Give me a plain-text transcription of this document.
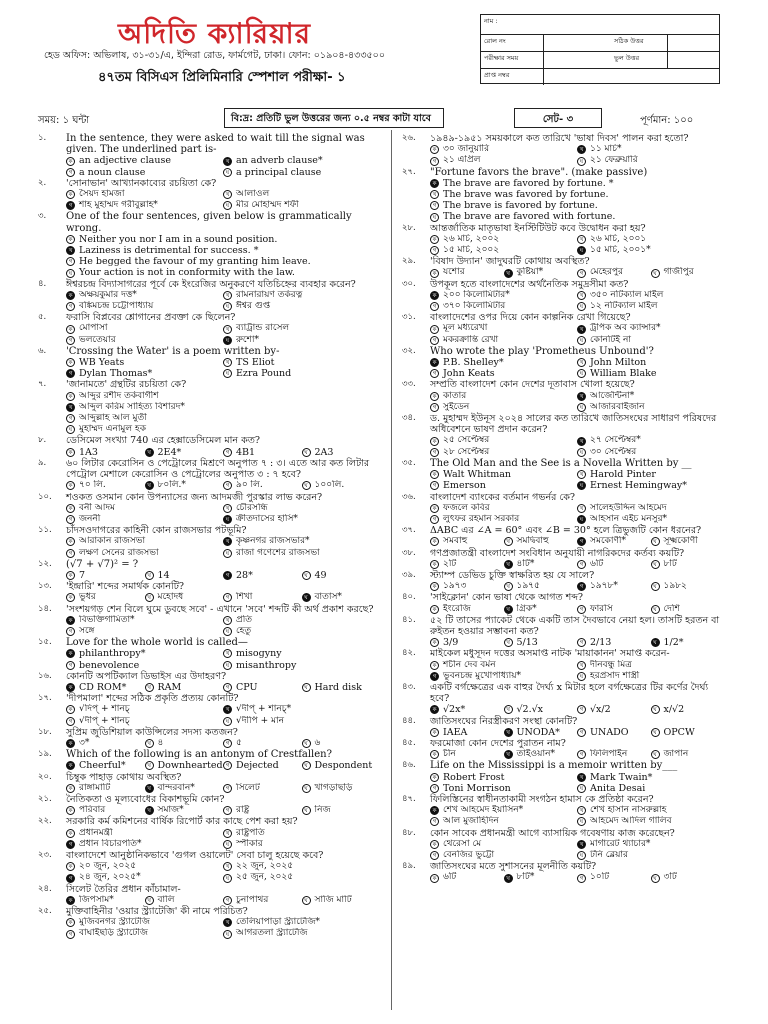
অদিতি ক্যারিয়ার
হেড অফিস: অভিলাষ, ৩১-৩১/এ, ইন্দিরা রোড, ফার্মগেট, ঢাকা। ফোন: ০১৯০৪-৪৩৩৫০০
৪৭তম বিসিএস প্রিলিমিনারি স্পেশাল পরীক্ষা- ১
নাম :
রোল নং	সঠিক উত্তর
পরীক্ষার সময়	ভুল উত্তর
প্রাপ্ত নম্বর
সময়: ১ ঘন্টা	বি:দ্র: প্রতিটি ভুল উত্তরের জন্য ০.৫ নম্বর কাটা যাবে	সেট- ৩	পূর্ণমান: ১০০
১.	In the sentence, they were asked to wait till the signal was given. The underlined part is-
ক an adjective clause	খ an adverb clause*
গ a noun clause	ঘ a principal clause
২.	'সোনাভান' আখ্যানকাব্যের রচয়িতা কে?
ক সৈয়দ হামজা	খ আলাওল
গ শাহ মুহাম্মদ গরীবুল্লাহ*	ঘ মীর মোহাম্মদ শফী
৩.	One of the four sentences, given below is grammatically wrong.
ক Neither you nor I am in a sound position.
খ Laziness is detrimental for success. *
গ He begged the favour of my granting him leave.
ঘ Your action is not in conformity with the law.
৪.	ঈশ্বরচন্দ্র বিদ্যাসাগরের পূর্বে কে ইংরেজির অনুকরণে যতিচিহ্নের ব্যবহার করেন?
ক অক্ষয়কুমার দত্ত*	খ রামনারায়ণ তর্করত্ন
গ বঙ্কিমচন্দ্র চট্টোপাধ্যায়	ঘ ঈশ্বর গুপ্ত
৫.	ফরাসি বিপ্লবের শ্লোগানের প্রবক্তা কে ছিলেন?
ক মোপাসা	খ ব্যাট্রান্ড রাসেল
গ ভলতেয়ার	ঘ রুশো*
৬.	'Crossing the Water' is a poem written by-
ক WB Yeats	খ TS Eliot
গ Dylan Thomas*	ঘ Ezra Pound
৭.	'জানামতে' গ্রন্থটির রচয়িতা কে?
ক আব্দুর রশীদ তর্কবাগীশ
খ আব্দুল করিম সাহিত্য বিশারদ*
গ আব্দুল্লাহ আল মুতী
ঘ মুহাম্মদ এনামুল হক
৮.	ডেসিমেল সংখ্যা 740 এর হেক্সাডেসিমেল মান কত?
ক 1A3	খ 2E4*	গ 4B1	ঘ 2A3
৯.	৬০ লিটার কেরোসিন ও পেট্রোলের মিশ্রণে অনুপাত ৭ : ৩। এতে আর কত লিটার পেট্রোল মেশালে কেরোসিন ও পেট্রোলের অনুপাত ৩ : ৭ হবে?
ক ৭০ লি.	খ ৮০লি.*	গ ৯০ লি.	ঘ ১০০লি.
১০.	শওকত ওসমান কোন উপন্যাসের জন্য আদমজী পুরস্কার লাভ করেন?
ক বনী আদম	খ চৌরসন্ধি
গ জননী	ঘ ক্রীতদাসের হাসি*
১১.	চাঁদসওদাগরের কাহিনী কোন রাজসভার পটভূমি?
ক আরাকান রাজসভা	খ কৃষ্ণনগর রাজসভার*
গ লক্ষণ সেনের রাজসভা	ঘ রাজা গণেশের রাজসভা
১২.	(√7 + √7)² = ?
ক 7	খ 14	গ 28*	ঘ 49
১৩.	'ইন্দ্রারি' শব্দের সমার্থক কোনটি?
ক ভুধর	খ মহোদধ	গ শিখা	ঘ বাতাস*
১৪.	'সংশয়গড় শেন বিলে ঘুমে ডুবছে সবে' - এখানে 'সবে' শব্দটি কী অর্থ প্রকাশ করছে?
ক বিভক্তিগামিতা*	খ প্রতি
গ সঙ্গে	ঘ হেতু
১৫.	Love for the whole world is called—
ক philanthropy*	খ misogyny
গ benevolence	ঘ misanthropy
১৬.	কোনটি অপটিক্যাল ডিভাইস এর উদাহরণ?
ক CD ROM*	খ RAM	গ CPU	ঘ Hard disk
১৭.	'দীপমালা' শব্দের সঠিক প্রকৃতি প্রত্যয় কোনটি?
ক √দিপ্ + শানচ্	খ √দীপ্ + শানচ্*
গ √দীপ্ + শানচ্	ঘ √দীপি + মান
১৮.	সুপ্রিম জুডিশিয়াল কাউন্সিলের সদস্য কতজন?
ক ৩*	খ ৪	গ ৫	ঘ ৬
১৯.	Which of the following is an antonym of Crestfallen?
ক Cheerful*	খ Downhearted গ Dejected	ঘ Despondent
২০.	চিম্বুক পাহাড় কোথায় অবস্থিত?
ক রাঙ্গামাটি	খ বান্দরবান*	গ সিলেট	ঘ খাগড়াছড়ি
২১.	নৈতিকতা ও মূল্যবোধের বিকাশভূমি কোন?
ক পরিবার	খ সমাজ*	গ রাষ্ট্র	ঘ নিজ
২২.	সরকারি কর্ম কমিশনের বার্ষিক রিপোর্ট কার কাছে পেশ করা হয়?
ক প্রধানমন্ত্রী	খ রাষ্ট্রপতি
গ প্রধান বিচারপতি*	ঘ স্পীকার
২৩.	বাংলাদেশে আনুষ্ঠানিকভাবে 'গুগল ওয়ালেট' সেবা চালু হয়েছে কবে?
ক ২০ জুন, ২০২৫	খ ২২ জুন, ২০২৫
গ ২৪ জুন, ২০২৫*	ঘ ২৫ জুন, ২০২৫
২৪.	সিলেট তৈরির প্রধান কাঁচামাল-
ক জিপসাম*	খ বালি	গ চুনাপাথর	ঘ সাজি মাটি
২৫.	মুক্তিবাহিনীর 'ওয়ার স্ট্র্যাটেজি' কী নামে পরিচিত?
ক মুজিবনগর স্ট্র্যাটেজি	খ তেলিয়াপাড়া স্ট্র্যাটেজি*
গ বাঘাইছড়ি স্ট্র্যাটেজি	ঘ আগরতলা স্ট্র্যাটেজি
২৬.	১৯৪৯-১৯৫১ সময়কালে কত তারিখে 'ভাষা দিবস' পালন করা হতো?
ক ৩০ জানুয়ারি	খ ১১ মার্চ*
গ ২১ এপ্রিল	ঘ ২১ ফেব্রুয়ারি
২৭.	"Fortune favors the brave". (make passive)
ক The brave are favored by fortune. *
খ The brave was favored by fortune.
গ The brave is favored by fortune.
ঘ The brave are favored with fortune.
২৮.	আন্তর্জাতিক মাতৃভাষা ইনস্টিটিউট কবে উদ্বোধন করা হয়?
ক ২৬ মার্চ, ২০০২	খ ২৬ মার্চ, ২০০১
গ ১৫ মার্চ, ২০০২	ঘ ১৫ মার্চ, ২০০১*
২৯.	'বিষাদ উদ্যান' জাদুঘরটি কোথায় অবস্থিত?
ক যশোর	খ কুষ্টিয়া*	গ মেহেরপুর	ঘ গাজীপুর
৩০.	উপকূল হতে বাংলাদেশের অর্থনৈতিক সমুদ্রসীমা কত?
ক ২০০ কিলোমিটার*	খ ৩৫০ নটিক্যাল মাইল
গ ৩৭০ কিলোমিটার	ঘ ১২ নটিক্যাল মাইল
৩১.	বাংলাদেশের ওপর দিয়ে কোন কাল্পনিক রেখা গিয়েছে?
ক মূল মধ্যরেখা	খ ট্রপিক অব ক্যান্সার*
গ মকরক্রান্তি রেখা	ঘ কোনটিই না
৩২.	Who wrote the play 'Prometheus Unbound'?
ক P.B. Shelley*	খ John Milton
গ John Keats	ঘ William Blake
৩৩.	সম্প্রতি বাংলাদেশ কোন দেশের দূতাবাস খোলা হয়েছে?
ক কাতার	খ আর্জেন্টিনা*
গ সুইডেন	ঘ আজারবাইজান
৩৪.	ড. মুহাম্মদ ইউনূস ২০২৪ সালের কত তারিখে জাতিসংঘের সাধারণ পরিষদের অধিবেশনে ভাষণ প্রদান করেন?
ক ২৫ সেপ্টেম্বর	খ ২৭ সেপ্টেম্বর*
গ ২৮ সেপ্টেম্বর	ঘ ৩০ সেপ্টেম্বর
৩৫.	The Old Man and the See is a Novella Written by __
ক Walt Whitman	খ Harold Pinter
গ Emerson	ঘ Ernest Hemingway*
৩৬.	বাংলাদেশ ব্যাংকের বর্তমান গভর্নর কে?
ক ফজলে কবির	খ সালেহউদ্দিন আহমেদ
গ লুৎফর রহমান সরকার	ঘ আহসান এইচ মনসুর*
৩৭.	ΔABC এর ∠A = 60° এবং ∠B = 30° হলে ত্রিভুজটি কোন ধরনের?
ক সমবাহু	খ সমদ্বিবাহু	গ সমকোণী*	ঘ সূক্ষ্মকোণী
৩৮.	গণপ্রজাতন্ত্রী বাংলাদেশ সংবিধান অনুযায়ী নাগরিকদের কর্তব্য কয়টি?
ক ২টি	খ ৪টি*	গ ৬টি	ঘ ৮টি
৩৯.	স্ট্যাম্প ডেভিড চুক্তি স্বাক্ষরিত হয় যে সালে?
ক ১৯৭৩	খ ১৯৭৫	গ ১৯৭৮*	ঘ ১৯৮২
৪০.	'সাইক্লোন' কোন ভাষা থেকে আগত শব্দ?
ক ইংরেজি	খ গ্রিক*	গ ফারসি	ঘ দেশি
৪১.	৫২ টি তাসের প্যাকেট থেকে একটি তাস দৈবভাবে নেয়া হল। তাসটি হরতন বা রুইতন হওয়ার সম্ভাবনা কত?
ক 3/9	খ 5/13	গ 2/13	ঘ 1/2*
৪২.	মাইকেল মধুসূদন দত্তের অসমাপ্ত নাটক 'মায়াকানন' সমাপ্ত করেন-
ক শচীন দেব বর্মন	খ দীনবন্ধু মিত্র
গ ভুবনচন্দ্র মুখোপাধ্যায়*	ঘ হরপ্রসাদ শাস্ত্রী
৪৩.	একটি বর্গক্ষেত্রের এক বাহুর দৈর্ঘ্য x মিটার হলে বর্গক্ষেত্রের টির কর্ণের দৈর্ঘ্য হবে?
ক √2x*	খ √2.√x	গ √x/2	ঘ x/√2
৪৪.	জাতিসংঘের নিরস্ত্রীকরণ সংস্থা কোনটি?
ক IAEA	খ UNODA*	গ UNADO	ঘ OPCW
৪৫.	ফরমোজা কোন দেশের পুরাতন নাম?
ক চীন	খ তাইওয়ান*	গ ফিলিপাইন	ঘ জাপান
৪৬.	Life on the Mississippi is a memoir written by___
ক Robert Frost	খ Mark Twain*
গ Toni Morrison	ঘ Anita Desai
৪৭.	ফিলিস্তিনের স্বাধীনতাকামী সংগঠন হামাস কে প্রতিষ্ঠা করেন?
ক শেখ আহমেদ ইয়াসিন*	খ শেখ হাসান নাসরুল্লাহ
গ আল মুজাহিদিন	ঘ আহমেদ আদিল গালিব
৪৮.	কোন সাবেক প্রধানমন্ত্রী আগে ব্যাসায়িক গবেষণায় কাজ করেছেন?
ক থেরেসা মে	খ মার্গারেট থ্যাচার*
গ বেনজির ভুট্টো	ঘ টনি ব্লেয়ার
৪৯.	জাতিসংঘের মতে সুশাসনের মূলনীতি কয়টি?
ক ৬টি	খ ৮টি*	গ ১০টি	ঘ ৩টি
